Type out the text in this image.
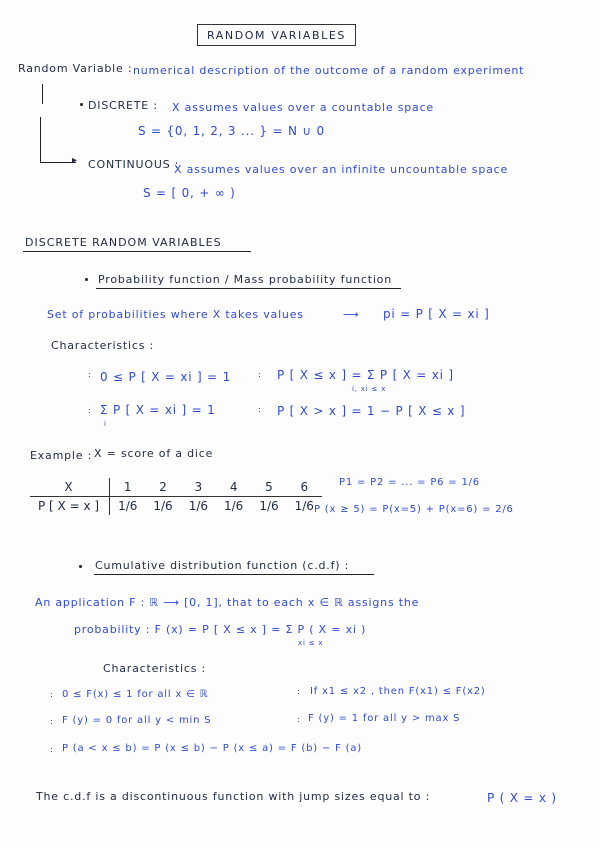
RANDOM VARIABLES
Random Variable : numerical description of the outcome of a random experiment
▸
DISCRETE : X assumes values over a countable space
S = {0, 1, 2, 3 ... } = N ∪ 0
CONTINUOUS :
X assumes values over an infinite uncountable space
S = [ 0, + ∞ )
DISCRETE RANDOM VARIABLES
Probability function / Mass probability function
Set of probabilities where X takes values	⟶ pi = P [ X = xi ]
Characteristics :
: 0 ≤ P [ X = xi ] = 1	: P [ X ≤ x ] = Σ P [ X = xi ]
i, xi ≤ x
: Σ P [ X = xi ] = 1
i
: P [ X > x ] = 1 − P [ X ≤ x ]
Example : X = score of a dice
X	1	2	3	4	5	6
P [ X = x ]	1/6	1/6	1/6	1/6	1/6	1/6
P1 = P2 = ... = P6 = 1/6
P (x ≥ 5) = P(x=5) + P(x=6) = 2/6
Cumulative distribution function (c.d.f) :
An application F : ℝ ⟶ [0, 1], that to each x ∈ ℝ assigns the
probability : F (x) = P [ X ≤ x ] = Σ P ( X = xi )
xi ≤ x
Characteristics :
: 0 ≤ F(x) ≤ 1 for all x ∈ ℝ	: If x1 ≤ x2 , then F(x1) ≤ F(x2)
: F (y) = 0 for all y < min S	: F (y) = 1 for all y > max S
: P (a < x ≤ b) = P (x ≤ b) − P (x ≤ a) = F (b) − F (a)
The c.d.f is a discontinuous function with jump sizes equal to :	P ( X = x )
